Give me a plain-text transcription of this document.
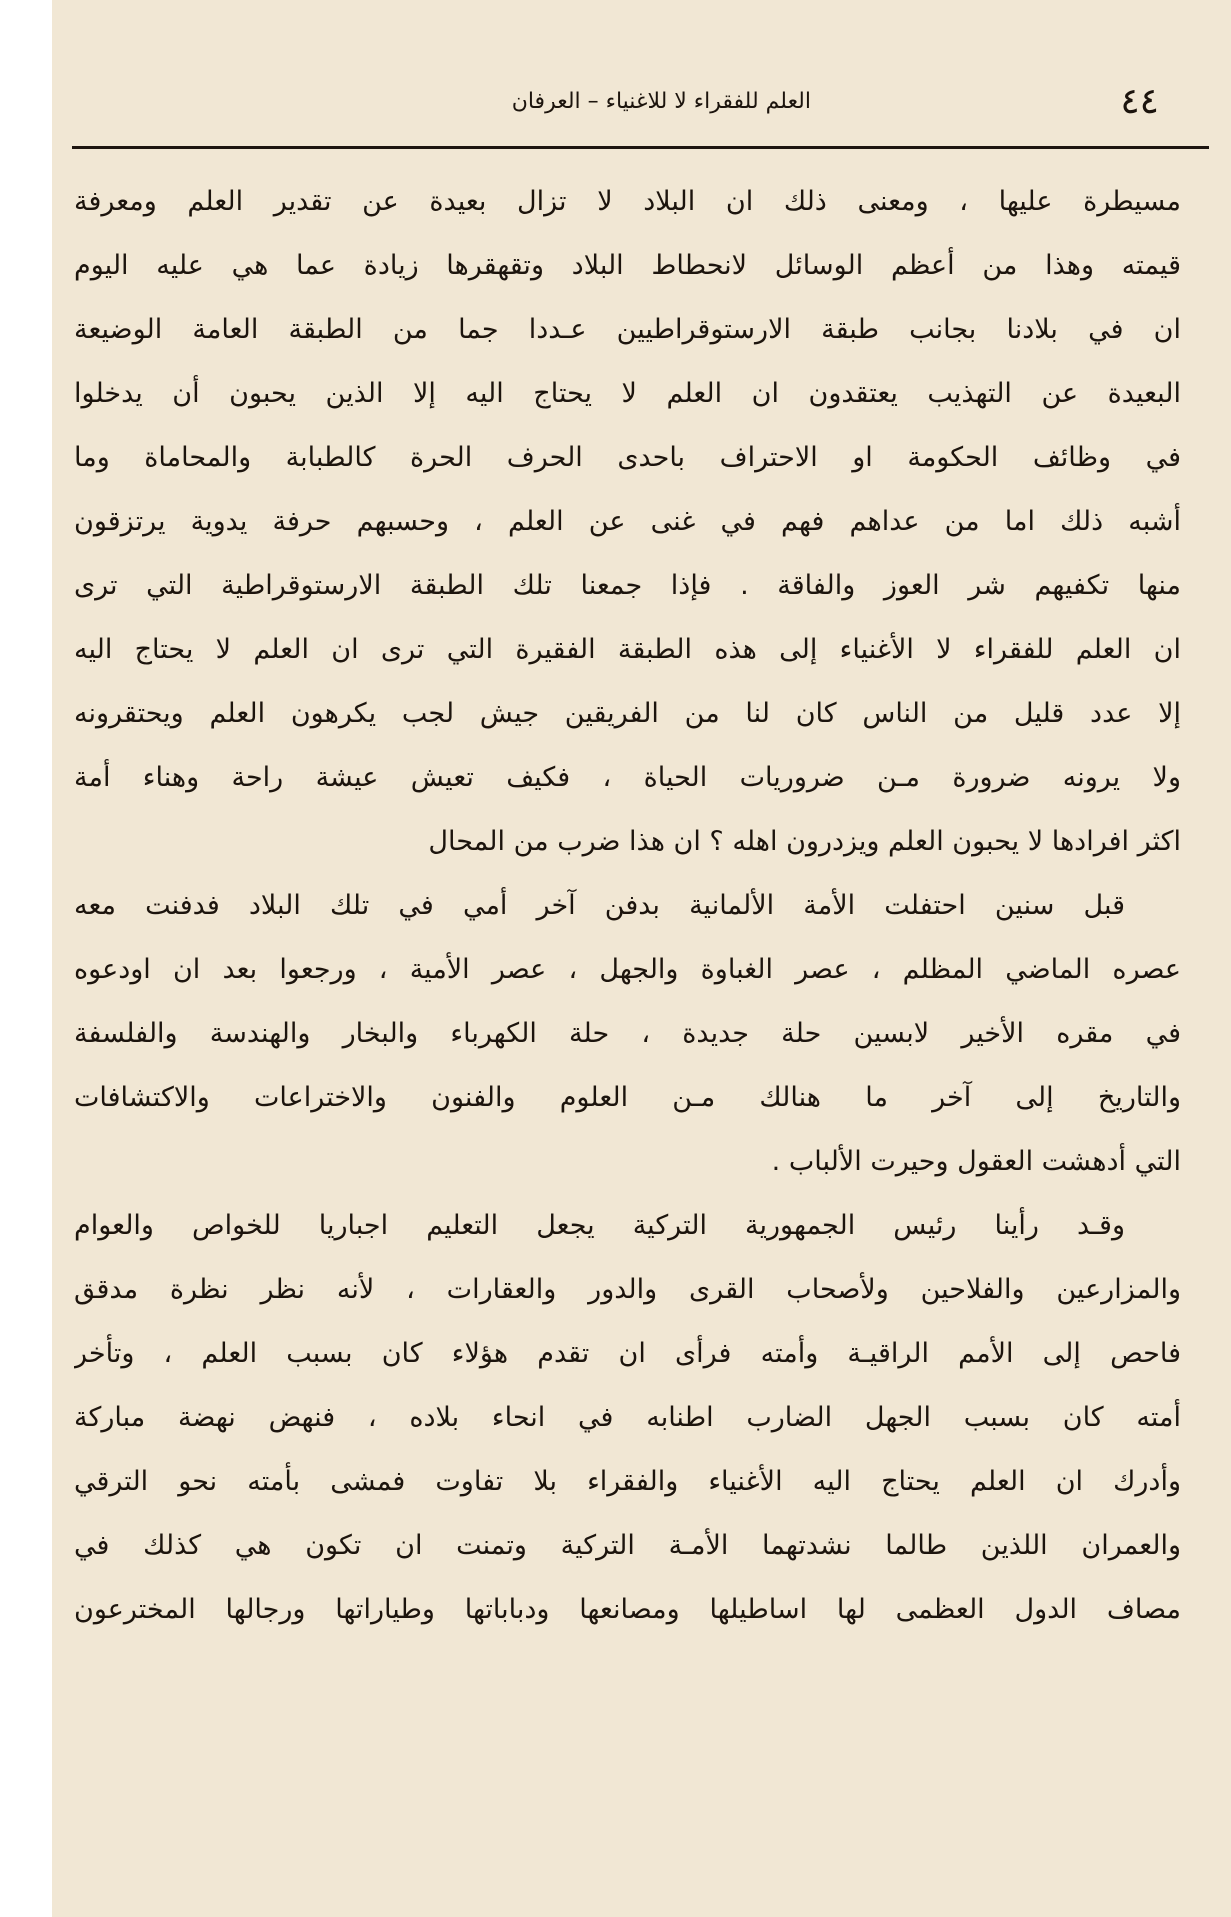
٤٤
العلم للفقراء لا للاغنياء – العرفان
مسيطرة عليها ، ومعنى ذلك ان البلاد لا تزال بعيدة عن تقدير العلم ومعرفة
قيمته وهذا من أعظم الوسائل لانحطاط البلاد وتقهقرها زيادة عما هي عليه اليوم
ان في بلادنا بجانب طبقة الارستوقراطيين عـددا جما من الطبقة العامة الوضيعة
البعيدة عن التهذيب يعتقدون ان العلم لا يحتاج اليه إلا الذين يحبون أن يدخلوا
في وظائف الحكومة او الاحتراف باحدى الحرف الحرة كالطبابة والمحاماة وما
أشبه ذلك اما من عداهم فهم في غنى عن العلم ، وحسبهم حرفة يدوية يرتزقون
منها تكفيهم شر العوز والفاقة . فإذا جمعنا تلك الطبقة الارستوقراطية التي ترى
ان العلم للفقراء لا الأغنياء إلى هذه الطبقة الفقيرة التي ترى ان العلم لا يحتاج اليه
إلا عدد قليل من الناس كان لنا من الفريقين جيش لجب يكرهون العلم ويحتقرونه
ولا يرونه ضرورة مـن ضروريات الحياة ، فكيف تعيش عيشة راحة وهناء أمة
اكثر افرادها لا يحبون العلم ويزدرون اهله ؟ ان هذا ضرب من المحال
قبل سنين احتفلت الأمة الألمانية بدفن آخر أمي في تلك البلاد فدفنت معه
عصره الماضي المظلم ، عصر الغباوة والجهل ، عصر الأمية ، ورجعوا بعد ان اودعوه
في مقره الأخير لابسين حلة جديدة ، حلة الكهرباء والبخار والهندسة والفلسفة
والتاريخ إلى آخر ما هنالك مـن العلوم والفنون والاختراعات والاكتشافات
التي أدهشت العقول وحيرت الألباب .
وقـد رأينا رئيس الجمهورية التركية يجعل التعليم اجباريا للخواص والعوام
والمزارعين والفلاحين ولأصحاب القرى والدور والعقارات ، لأنه نظر نظرة مدقق
فاحص إلى الأمم الراقيـة وأمته فرأى ان تقدم هؤلاء كان بسبب العلم ، وتأخر
أمته كان بسبب الجهل الضارب اطنابه في انحاء بلاده ، فنهض نهضة مباركة
وأدرك ان العلم يحتاج اليه الأغنياء والفقراء بلا تفاوت فمشى بأمته نحو الترقي
والعمران اللذين طالما نشدتهما الأمـة التركية وتمنت ان تكون هي كذلك في
مصاف الدول العظمى لها اساطيلها ومصانعها ودباباتها وطياراتها ورجالها المخترعون
